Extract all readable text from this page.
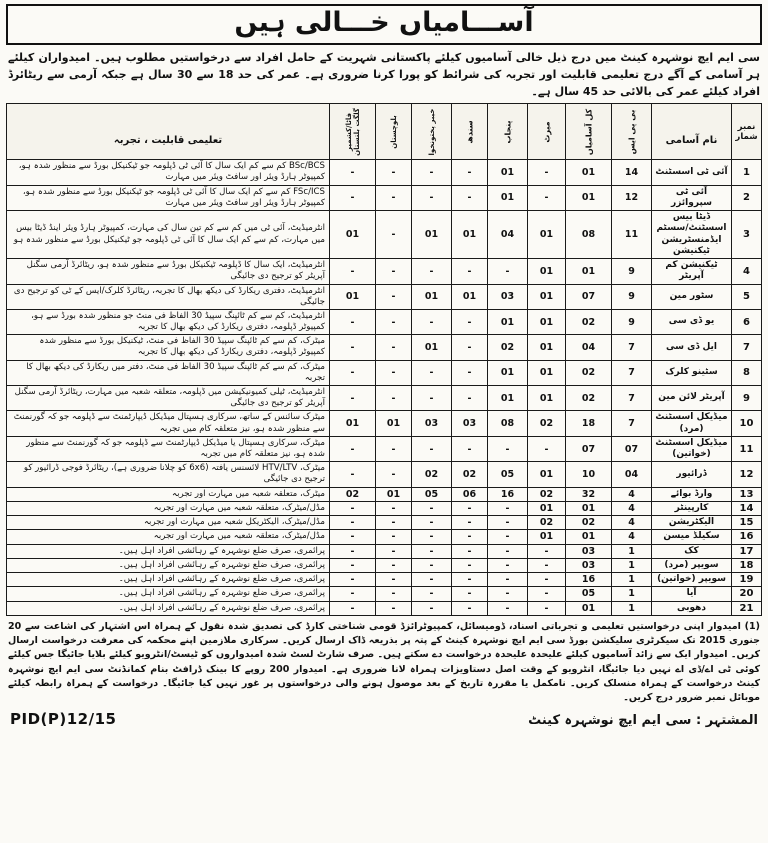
آســـامیاں خـــالی ہیں
سی ایم ایچ نوشہرہ کینٹ میں درج ذیل خالی آسامیوں کیلئے پاکستانی شہریت کے حامل افراد سے درخواستیں مطلوب ہیں۔ امیدواران کیلئے ہر آسامی کے آگے درج تعلیمی قابلیت اور تجربہ کی شرائط کو پورا کرنا ضروری ہے۔ عمر کی حد 18 سے 30 سال ہے جبکہ آرمی سے ریٹائرڈ افراد کیلئے عمر کی بالائی حد 45 سال ہے۔
نمبر شمار	نام آسامی	بی پی ایس	کل آسامیاں	میرٹ	پنجاب	سندھ	خیبر پختونخوا	بلوچستان	فاٹا/کشمیر گلگت بلتستان	تعلیمی قابلیت ، تجربہ

1	آئی ٹی اسسٹنٹ	14	01	-	01	-	-	-	-	BSc/BCS کم سے کم ایک سال کا آئی ٹی ڈپلومہ جو ٹیکنیکل بورڈ سے منظور شدہ ہو، کمپیوٹر ہارڈ ویئر اور سافٹ ویئر میں مہارت
2	آئی ٹی سپروائزر	12	01	-	01	-	-	-	-	FSc/ICS کم سے کم ایک سال کا آئی ٹی ڈپلومہ جو ٹیکنیکل بورڈ سے منظور شدہ ہو، کمپیوٹر ہارڈ ویئر اور سافٹ ویئر میں مہارت
3	ڈیٹا بیس اسسٹنٹ/سسٹم ایڈمنسٹریشن ٹیکنیشن	11	08	01	04	01	01	-	01	انٹرمیڈیٹ، آئی ٹی میں کم سے کم تین سال کی مہارت، کمپیوٹر ہارڈ ویئر اینڈ ڈیٹا بیس میں مہارت، کم سے کم ایک سال کا آئی ٹی ڈپلومہ جو ٹیکنیکل بورڈ سے منظور شدہ ہو
4	ٹیکنیشن کم آپریٹر	9	01	01	-	-	-	-	-	انٹرمیڈیٹ، ایک سال کا ڈپلومہ ٹیکنیکل بورڈ سے منظور شدہ ہو، ریٹائرڈ آرمی سگنل آپریٹر کو ترجیح دی جائیگی
5	سٹور مین	9	07	01	03	01	01	-	01	انٹرمیڈیٹ، دفتری ریکارڈ کی دیکھ بھال کا تجربہ، ریٹائرڈ کلرک/ایس کے ٹی کو ترجیح دی جائیگی
6	یو ڈی سی	9	02	01	01	-	-	-	-	انٹرمیڈیٹ، کم سے کم ٹائپنگ سپیڈ 30 الفاظ فی منٹ جو منظور شدہ بورڈ سے ہو، کمپیوٹر ڈپلومہ، دفتری ریکارڈ کی دیکھ بھال کا تجربہ
7	ایل ڈی سی	7	04	01	02	-	01	-	-	میٹرک، کم سے کم ٹائپنگ سپیڈ 30 الفاظ فی منٹ، ٹیکنیکل بورڈ سے منظور شدہ کمپیوٹر ڈپلومہ، دفتری ریکارڈ کی دیکھ بھال کا تجربہ
8	سٹینو کلرک	7	02	01	01	-	-	-	-	میٹرک، کم سے کم ٹائپنگ سپیڈ 30 الفاظ فی منٹ، دفتر میں ریکارڈ کی دیکھ بھال کا تجربہ
9	آپریٹر لائن مین	7	02	01	01	-	-	-	-	انٹرمیڈیٹ، ٹیلی کمیونیکیشن میں ڈپلومہ، متعلقہ شعبہ میں مہارت، ریٹائرڈ آرمی سگنل آپریٹر کو ترجیح دی جائیگی
10	میڈیکل اسسٹنٹ (مرد)	7	18	02	08	03	03	01	01	میٹرک سائنس کے ساتھ، سرکاری ہسپتال میڈیکل ڈیپارٹمنٹ سے ڈپلومہ جو کہ گورنمنٹ سے منظور شدہ ہو، نیز متعلقہ کام میں تجربہ
11	میڈیکل اسسٹنٹ (خواتین)	07	07	-	-	-	-	-	-	میٹرک، سرکاری ہسپتال یا میڈیکل ڈیپارٹمنٹ سے ڈپلومہ جو کہ گورنمنٹ سے منظور شدہ ہو، نیز متعلقہ کام میں تجربہ
12	ڈرائیور	04	10	01	05	02	02	-	-	میٹرک، HTV/LTV لائسنس یافتہ (6x6 کو چلانا ضروری ہے)، ریٹائرڈ فوجی ڈرائیور کو ترجیح دی جائیگی
13	وارڈ بوائے	4	32	02	16	06	05	01	02	میٹرک، متعلقہ شعبہ میں مہارت اور تجربہ
14	کارپینٹر	4	01	01	-	-	-	-	-	مڈل/میٹرک، متعلقہ شعبہ میں مہارت اور تجربہ
15	الیکٹریشن	4	02	02	-	-	-	-	-	مڈل/میٹرک، الیکٹریکل شعبہ میں مہارت اور تجربہ
16	سکیلڈ میسن	4	01	01	-	-	-	-	-	مڈل/میٹرک، متعلقہ شعبہ میں مہارت اور تجربہ
17	کک	1	03	-	-	-	-	-	-	پرائمری، صرف ضلع نوشہرہ کے رہائشی افراد اہل ہیں۔
18	سویپر (مرد)	1	03	-	-	-	-	-	-	پرائمری، صرف ضلع نوشہرہ کے رہائشی افراد اہل ہیں۔
19	سویپر (خواتین)	1	16	-	-	-	-	-	-	پرائمری، صرف ضلع نوشہرہ کے رہائشی افراد اہل ہیں۔
20	آیا	1	05	-	-	-	-	-	-	پرائمری، صرف ضلع نوشہرہ کے رہائشی افراد اہل ہیں۔
21	دھوبی	1	01	-	-	-	-	-	-	پرائمری، صرف ضلع نوشہرہ کے رہائشی افراد اہل ہیں۔
(1) امیدوار اپنی درخواستیں تعلیمی و تجرباتی اسناد، ڈومیسائل، کمپیوٹرائزڈ قومی شناختی کارڈ کی تصدیق شدہ نقول کے ہمراہ اس اشتہار کی اشاعت سے 20 جنوری 2015 تک سیکرٹری سلیکشن بورڈ سی ایم ایچ نوشہرہ کینٹ کے پتہ پر بذریعہ ڈاک ارسال کریں۔ سرکاری ملازمین اپنے محکمہ کی معرفت درخواست ارسال کریں۔ امیدوار ایک سے زائد آسامیوں کیلئے علیحدہ علیحدہ درخواست دے سکتے ہیں۔ صرف شارٹ لسٹ شدہ امیدواروں کو ٹیسٹ/انٹرویو کیلئے بلایا جائیگا جس کیلئے کوئی ٹی اے/ڈی اے نہیں دیا جائیگا، انٹرویو کے وقت اصل دستاویزات ہمراہ لانا ضروری ہے۔ امیدوار 200 روپے کا بینک ڈرافٹ بنام کمانڈنٹ سی ایم ایچ نوشہرہ کینٹ درخواست کے ہمراہ منسلک کریں۔ نامکمل یا مقررہ تاریخ کے بعد موصول ہونے والی درخواستوں پر غور نہیں کیا جائیگا۔ درخواست کے ہمراہ رابطہ کیلئے موبائل نمبر ضرور درج کریں۔
المشتہر : سی ایم ایچ نوشہرہ کینٹ
PID(P)12/15
